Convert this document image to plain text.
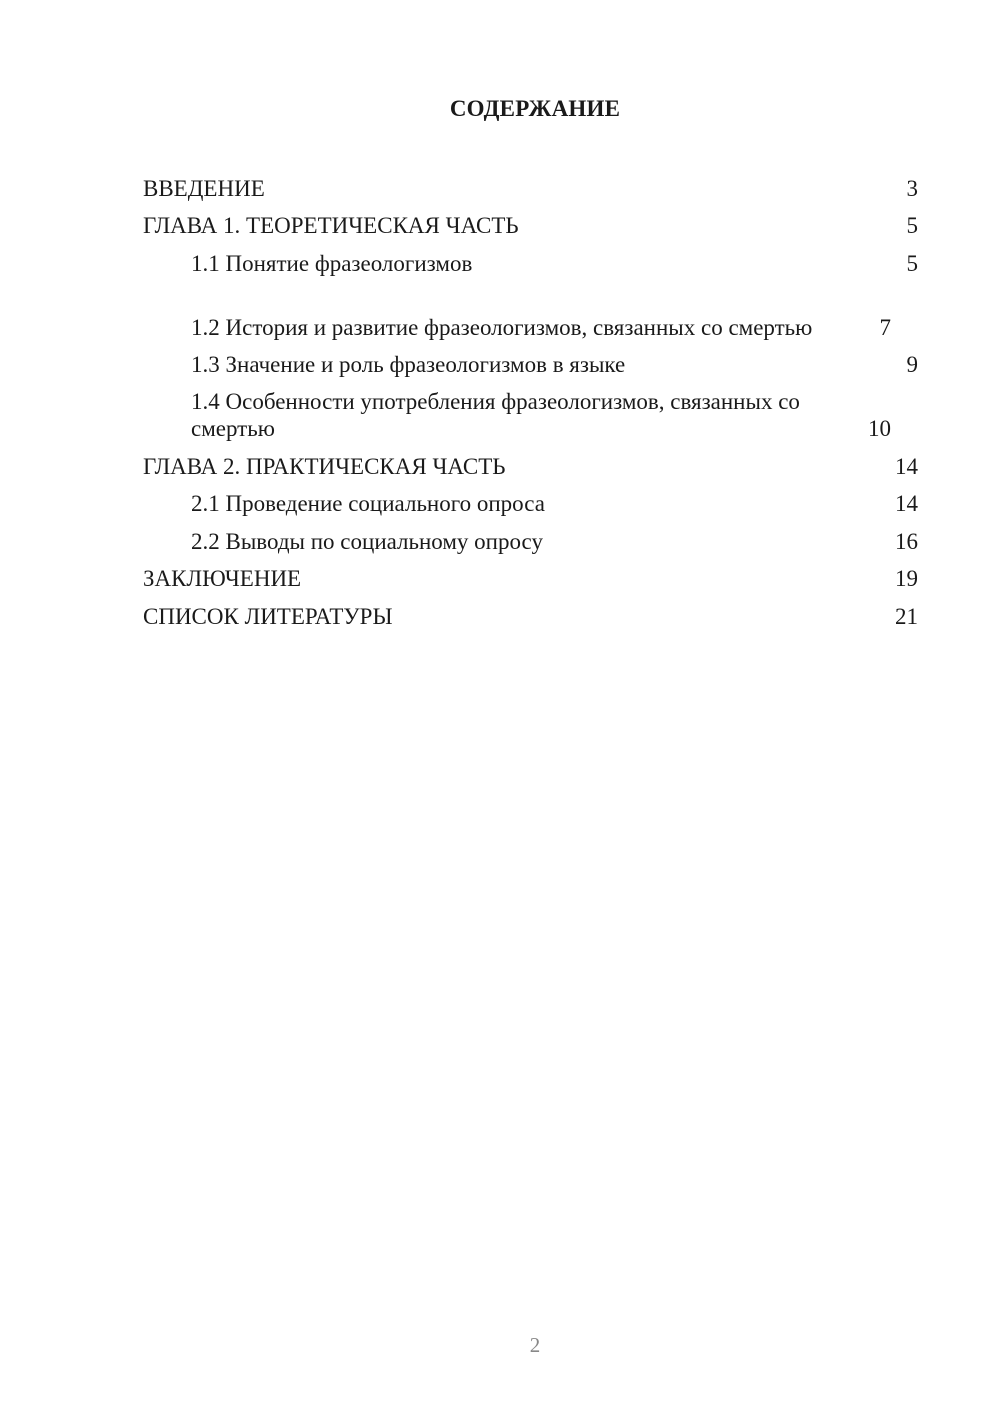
СОДЕРЖАНИЕ
ВВЕДЕНИЕ	3
ГЛАВА 1. ТЕОРЕТИЧЕСКАЯ ЧАСТЬ	5
1.1 Понятие фразеологизмов	5
1.2 История и развитие фразеологизмов, связанных со смертью	7
1.3 Значение и роль фразеологизмов в языке	9
1.4 Особенности употребления фразеологизмов, связанных со смертью	10
ГЛАВА 2. ПРАКТИЧЕСКАЯ ЧАСТЬ	14
2.1 Проведение социального опроса	14
2.2 Выводы по социальному опросу	16
ЗАКЛЮЧЕНИЕ	19
СПИСОК ЛИТЕРАТУРЫ	21
2
